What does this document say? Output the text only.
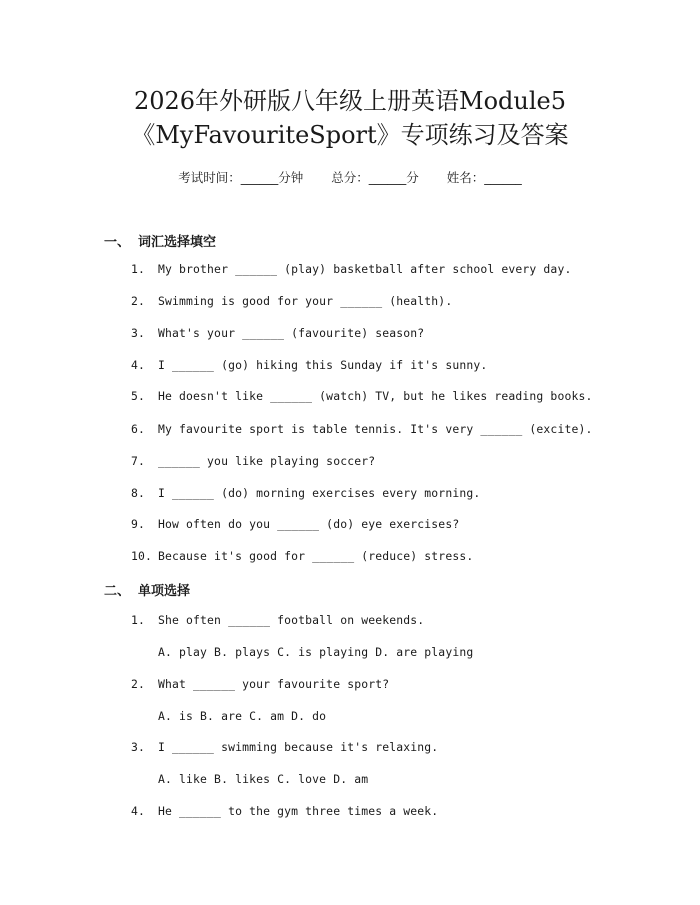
2026年外研版八年级上册英语Module5
《MyFavouriteSport》专项练习及答案
考试时间：______分钟 总分：______分 姓名：______
一、 词汇选择填空
1. My brother ______ (play) basketball after school every day.
2. Swimming is good for your ______ (health).
3. What's your ______ (favourite) season?
4. I ______ (go) hiking this Sunday if it's sunny.
5. He doesn't like ______ (watch) TV, but he likes reading books.
6. My favourite sport is table tennis. It's very ______ (excite).
7. ______ you like playing soccer?
8. I ______ (do) morning exercises every morning.
9. How often do you ______ (do) eye exercises?
10. Because it's good for ______ (reduce) stress.
二、 单项选择
1. She often ______ football on weekends.
A. play B. plays C. is playing D. are playing
2. What ______ your favourite sport?
A. is B. are C. am D. do
3. I ______ swimming because it's relaxing.
A. like B. likes C. love D. am
4. He ______ to the gym three times a week.
